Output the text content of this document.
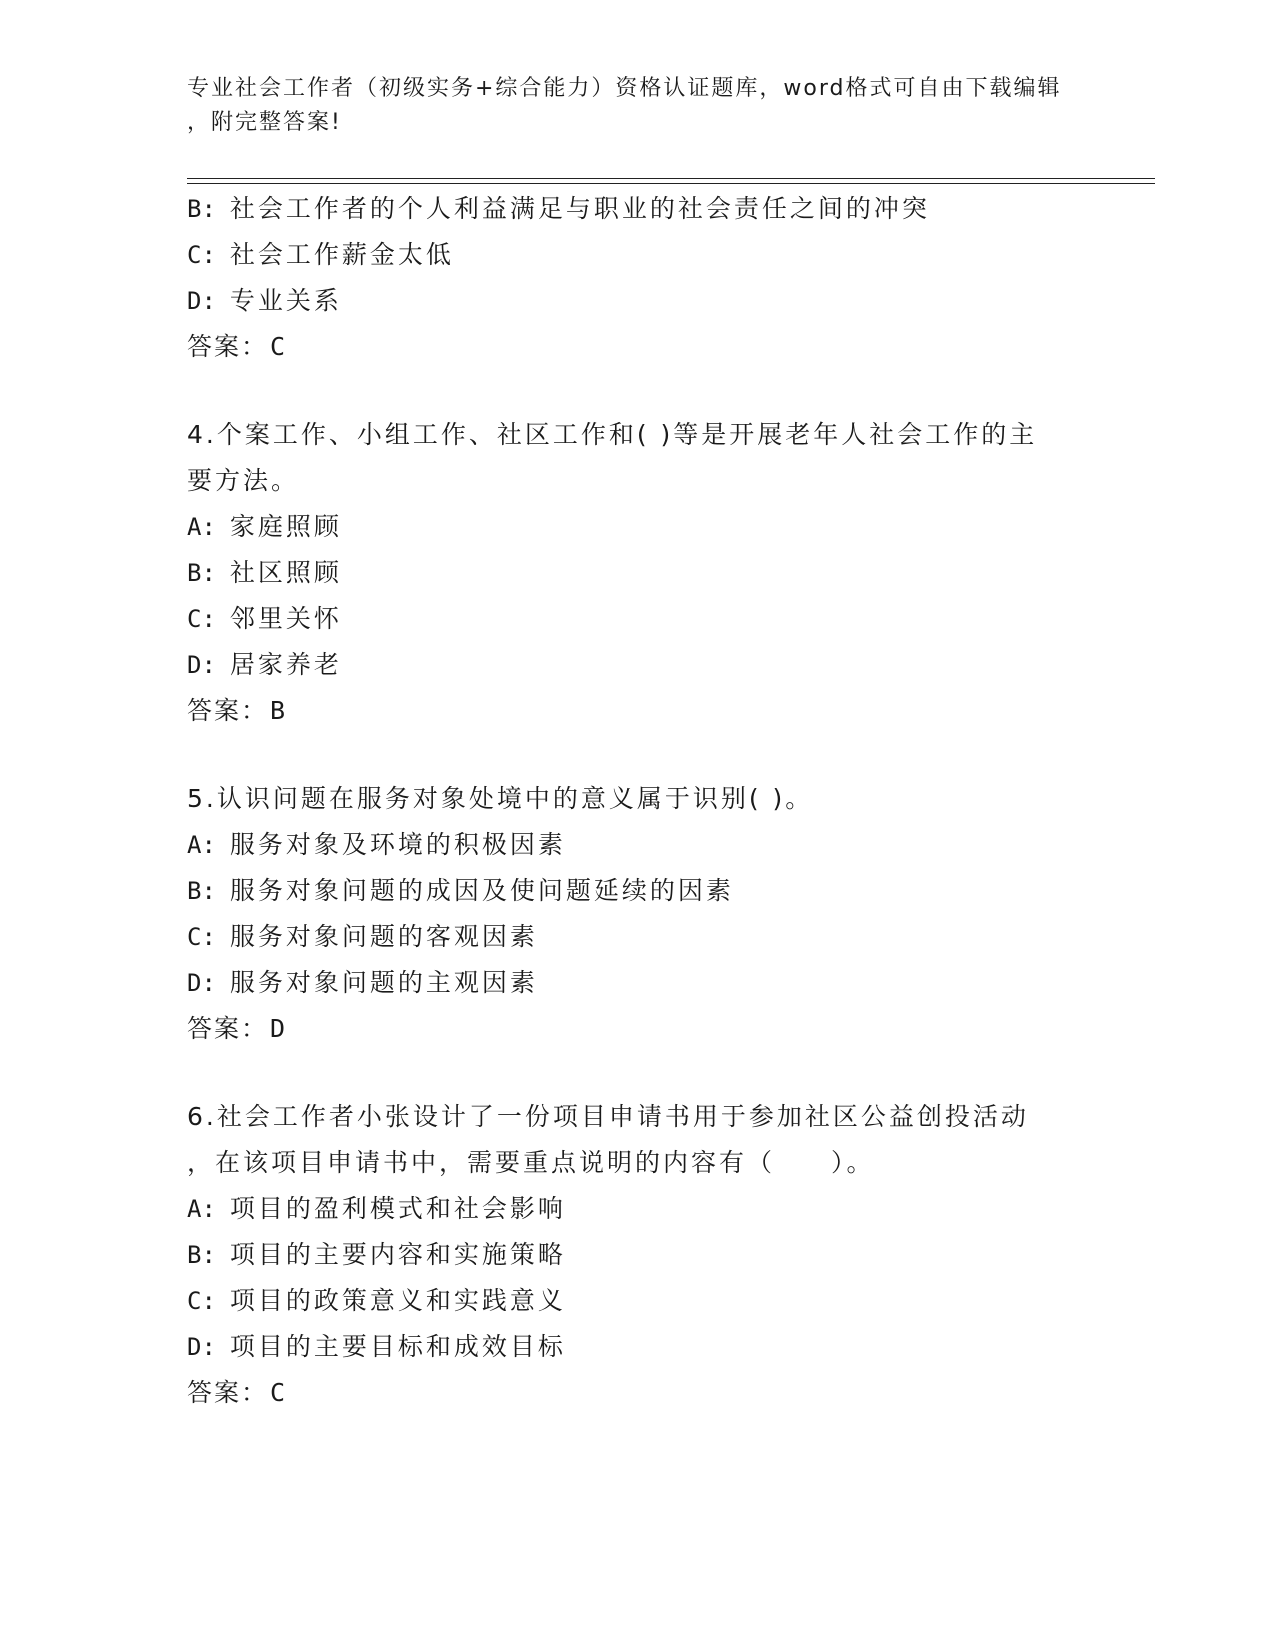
专业社会工作者（初级实务+综合能力）资格认证题库，word格式可自由下载编辑
，附完整答案!
B: 社会工作者的个人利益满足与职业的社会责任之间的冲突
C: 社会工作薪金太低
D: 专业关系
答案：C
4.个案工作、小组工作、社区工作和( )等是开展老年人社会工作的主
要方法。
A: 家庭照顾
B: 社区照顾
C: 邻里关怀
D: 居家养老
答案：B
5.认识问题在服务对象处境中的意义属于识别( )。
A: 服务对象及环境的积极因素
B: 服务对象问题的成因及使问题延续的因素
C: 服务对象问题的客观因素
D: 服务对象问题的主观因素
答案：D
6.社会工作者小张设计了一份项目申请书用于参加社区公益创投活动
，在该项目申请书中，需要重点说明的内容有（　　）。
A: 项目的盈利模式和社会影响
B: 项目的主要内容和实施策略
C: 项目的政策意义和实践意义
D: 项目的主要目标和成效目标
答案：C
